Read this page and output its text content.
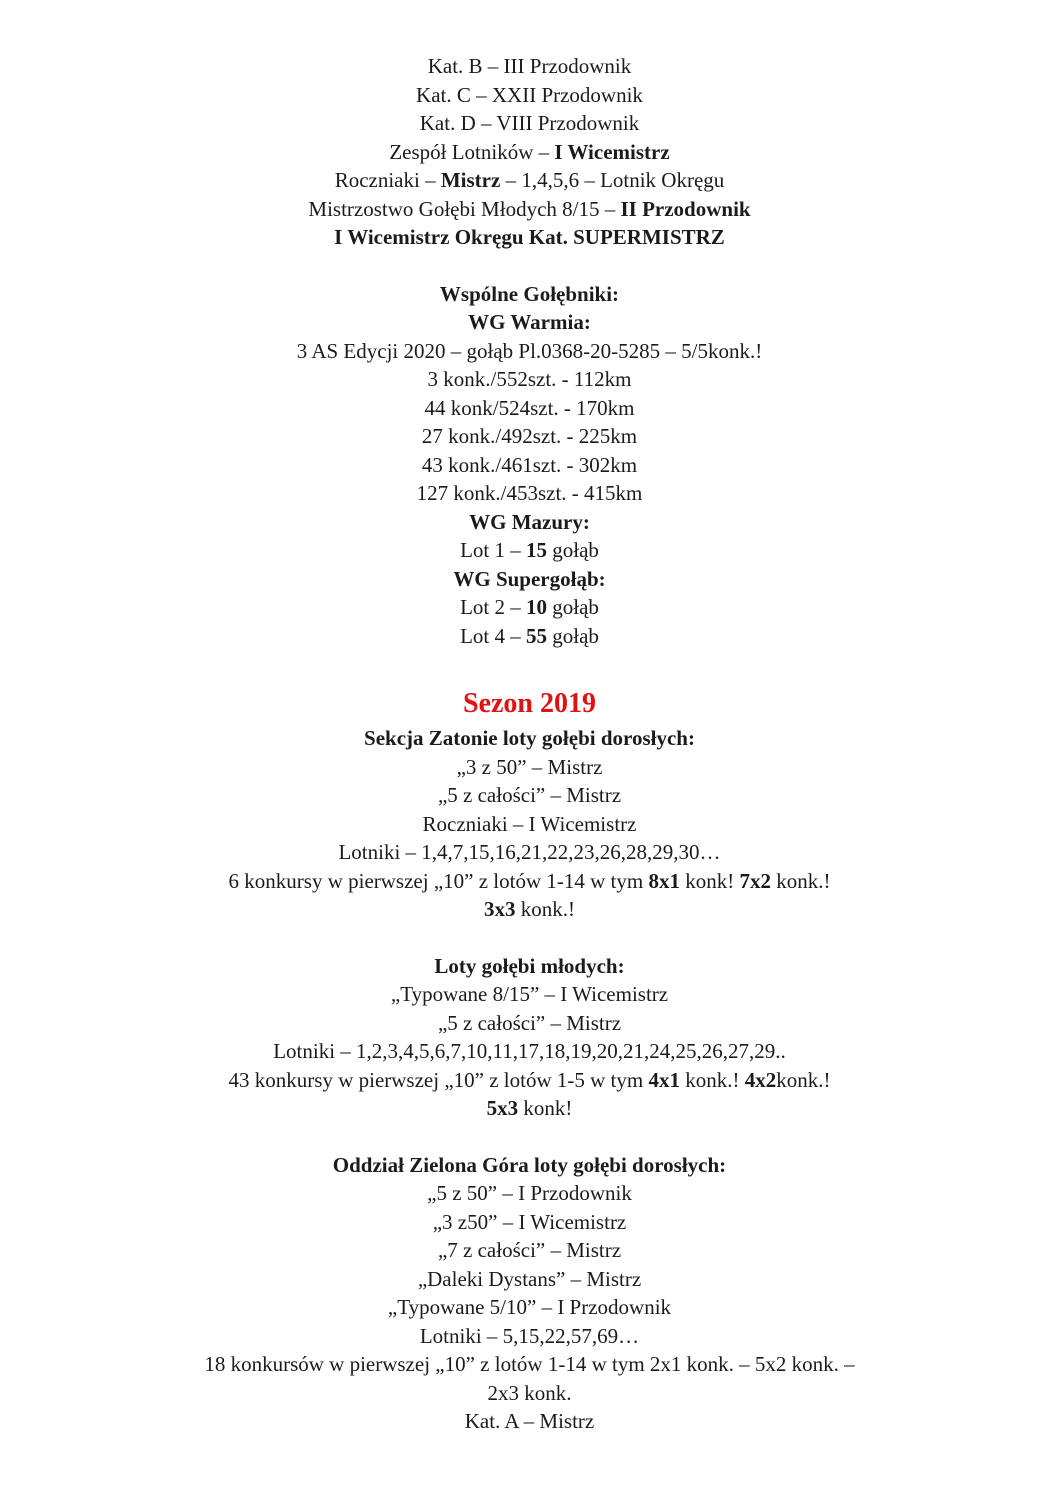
Kat. B – III Przodownik

Kat. C – XXII Przodownik

Kat. D – VIII Przodownik

Zespół Lotników – I Wicemistrz

Roczniaki – Mistrz – 1,4,5,6 – Lotnik Okręgu

Mistrzostwo Gołębi Młodych 8/15 – II Przodownik

I Wicemistrz Okręgu Kat. SUPERMISTRZ

Wspólne Gołębniki:

WG Warmia:

3 AS Edycji 2020 – gołąb Pl.0368-20-5285 – 5/5konk.!

3 konk./552szt. - 112km

44 konk/524szt. - 170km

27 konk./492szt. - 225km

43 konk./461szt. - 302km

127 konk./453szt. - 415km

WG Mazury:

Lot 1 – 15 gołąb

WG Supergołąb:

Lot 2 – 10 gołąb

Lot 4 – 55 gołąb

Sezon 2019

Sekcja Zatonie loty gołębi dorosłych:

„3 z 50” – Mistrz

„5 z całości” – Mistrz

Roczniaki – I Wicemistrz

Lotniki – 1,4,7,15,16,21,22,23,26,28,29,30…

6 konkursy w pierwszej „10” z lotów 1-14 w tym 8x1 konk! 7x2 konk.!

3x3 konk.!

Loty gołębi młodych:

„Typowane 8/15” – I Wicemistrz

„5 z całości” – Mistrz

Lotniki – 1,2,3,4,5,6,7,10,11,17,18,19,20,21,24,25,26,27,29..

43 konkursy w pierwszej „10” z lotów 1-5 w tym 4x1 konk.! 4x2konk.!

5x3 konk!

Oddział Zielona Góra loty gołębi dorosłych:

„5 z 50” – I Przodownik

„3 z50” – I Wicemistrz

„7 z całości” – Mistrz

„Daleki Dystans” – Mistrz

„Typowane 5/10” – I Przodownik

Lotniki – 5,15,22,57,69…

18 konkursów w pierwszej „10” z lotów 1-14 w tym 2x1 konk. – 5x2 konk. –

2x3 konk.

Kat. A – Mistrz
